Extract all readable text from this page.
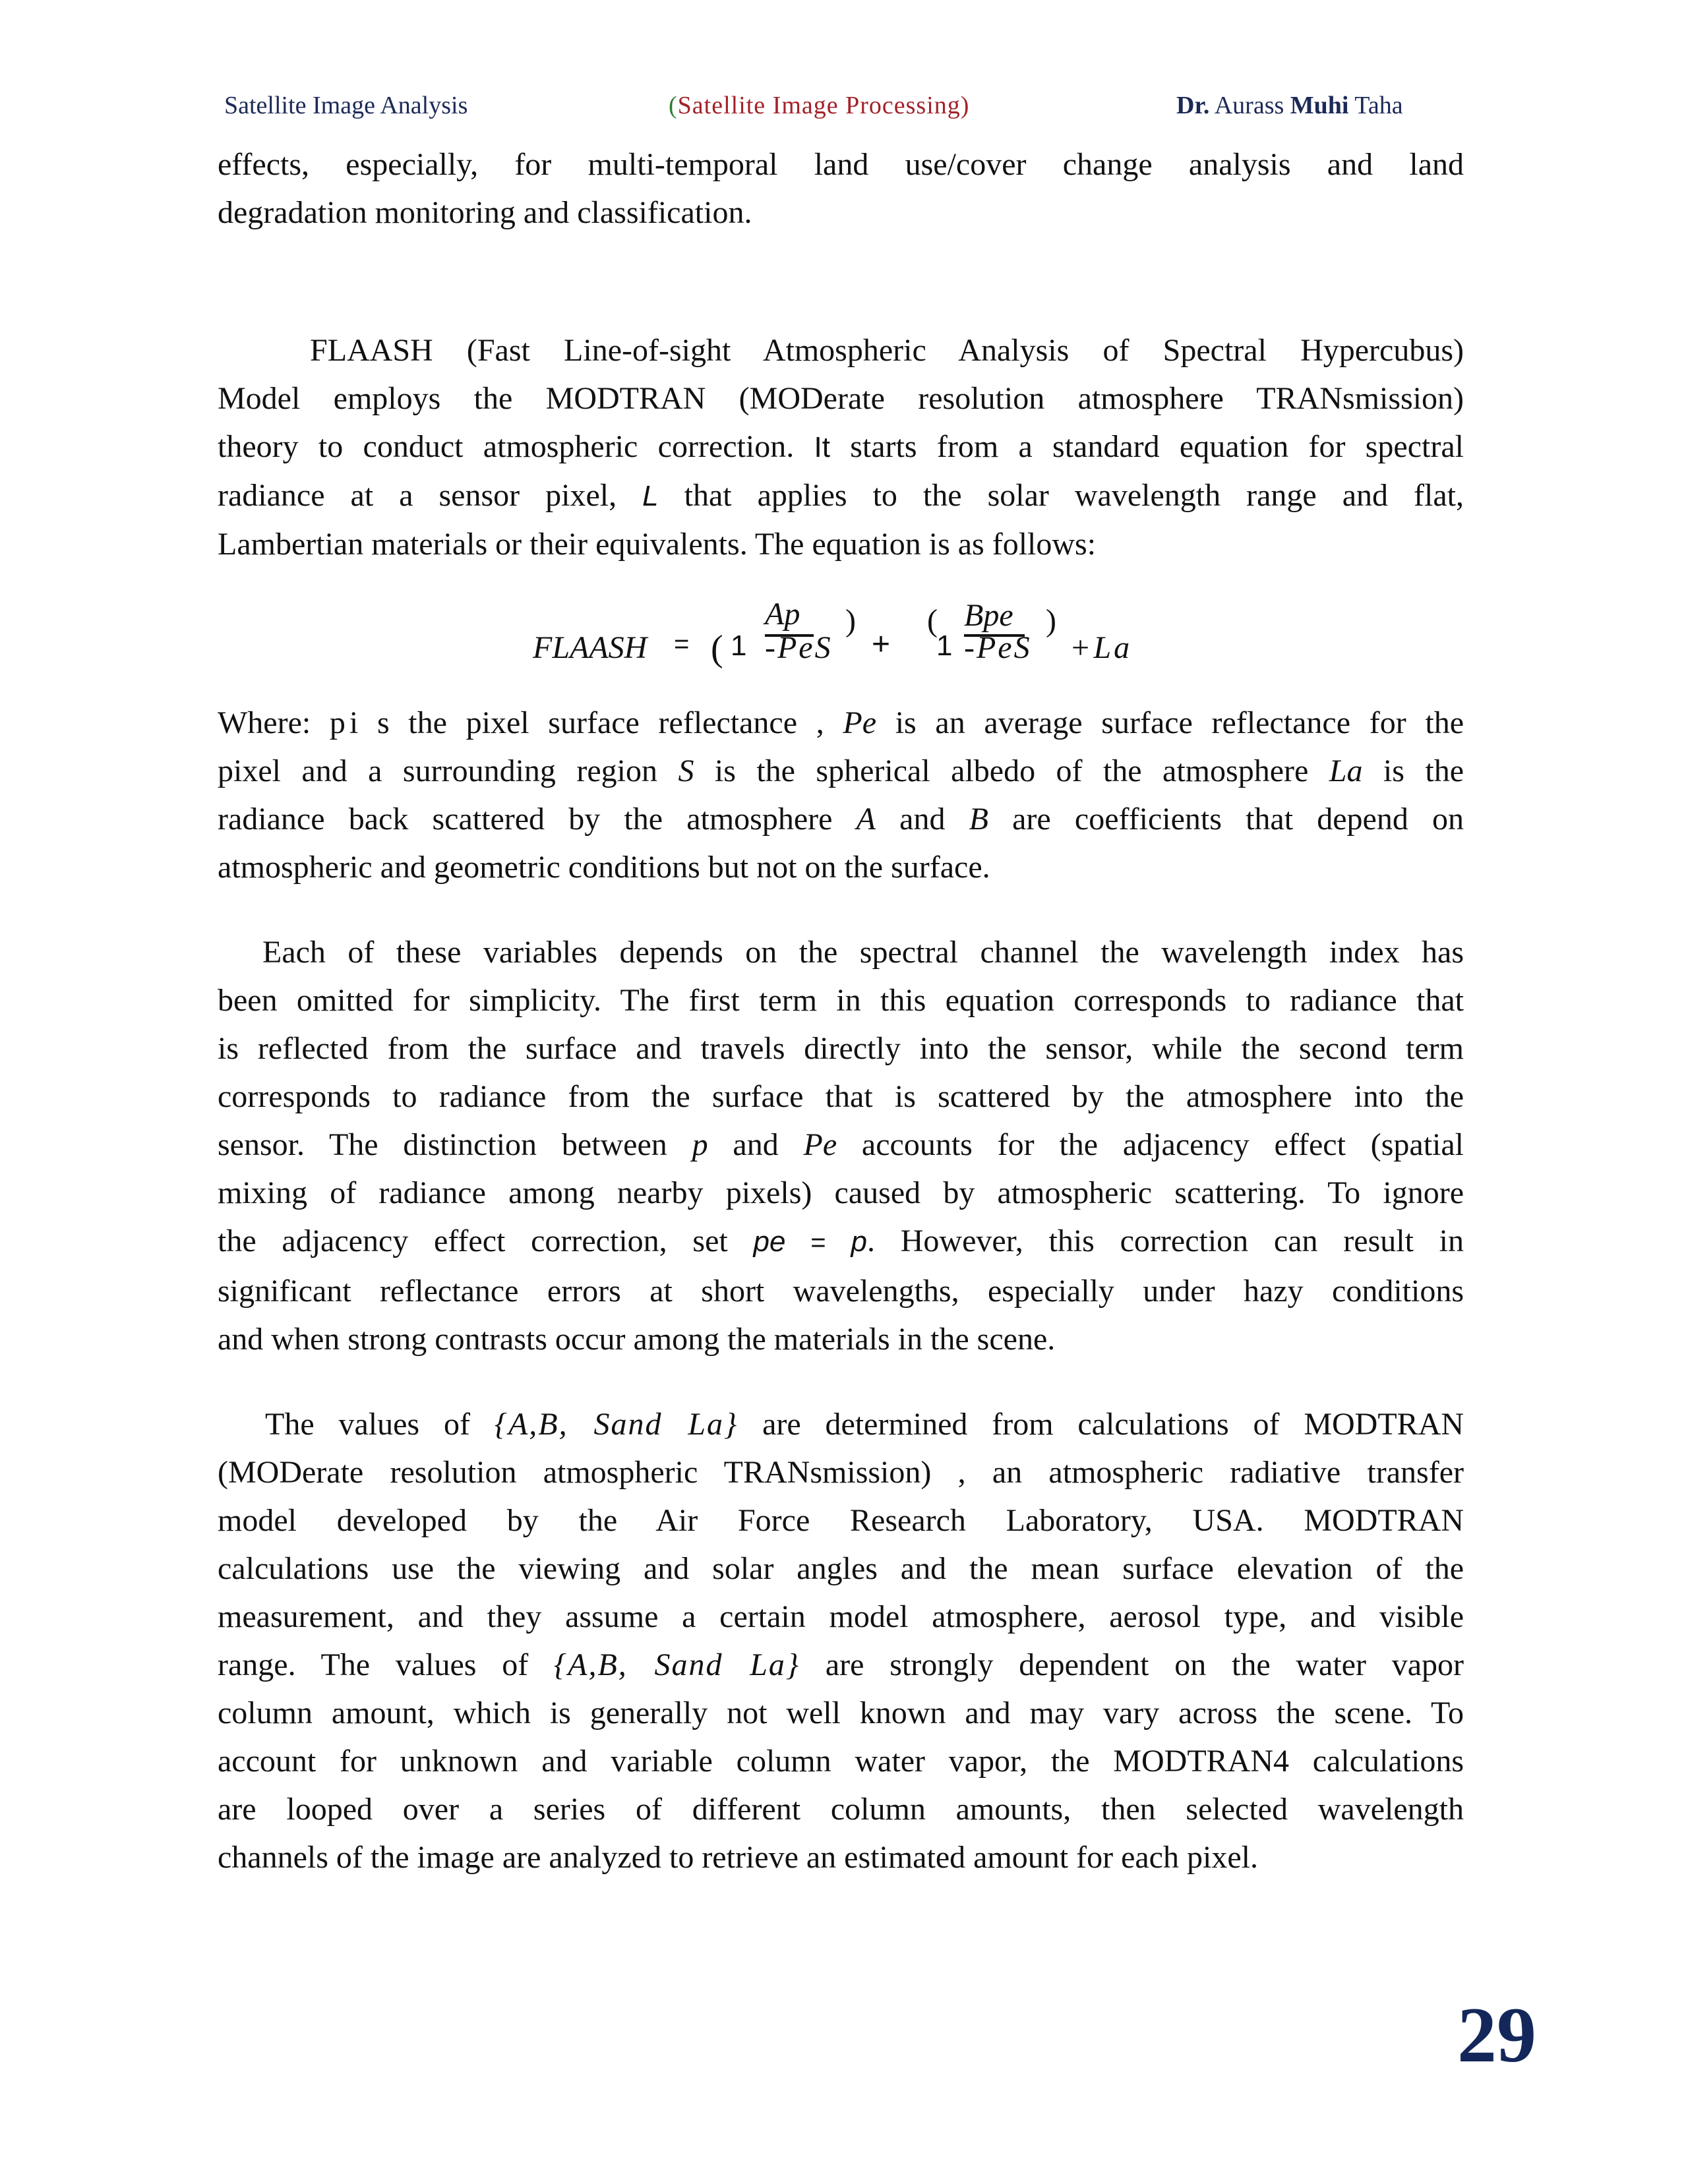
Satellite Image Analysis	(Satellite Image Processing)	Dr. Aurass Muhi Taha

effects, especially, for multi-temporal land use/cover change analysis and land
degradation monitoring and classification.

FLAASH (Fast Line-of-sight Atmospheric Analysis of Spectral Hypercubus)
Model employs the MODTRAN (MODerate resolution atmosphere TRANsmission)
theory to conduct atmospheric correction. It starts from a standard equation for spectral
radiance at a sensor pixel, L that applies to the solar wavelength range and flat,
Lambertian materials or their equivalents. The equation is as follows:

FLAASH = ( 1
Ap
-PeS
)
+
(
1
Bpe
-PeS
)
+La

Where: pi s the pixel surface reflectance , Pe is an average surface reflectance for the
pixel and a surrounding region S is the spherical albedo of the atmosphere La is the
radiance back scattered by the atmosphere A and B are coefficients that depend on
atmospheric and geometric conditions but not on the surface.

Each of these variables depends on the spectral channel the wavelength index has
been omitted for simplicity. The first term in this equation corresponds to radiance that
is reflected from the surface and travels directly into the sensor, while the second term
corresponds to radiance from the surface that is scattered by the atmosphere into the
sensor. The distinction between p and Pe accounts for the adjacency effect (spatial
mixing of radiance among nearby pixels) caused by atmospheric scattering. To ignore
the adjacency effect correction, set pe = p. However, this correction can result in
significant reflectance errors at short wavelengths, especially under hazy conditions
and when strong contrasts occur among the materials in the scene.

The values of {A,B, Sand La} are determined from calculations of MODTRAN
(MODerate resolution atmospheric TRANsmission) , an atmospheric radiative transfer
model developed by the Air Force Research Laboratory, USA. MODTRAN
calculations use the viewing and solar angles and the mean surface elevation of the
measurement, and they assume a certain model atmosphere, aerosol type, and visible
range. The values of {A,B, Sand La} are strongly dependent on the water vapor
column amount, which is generally not well known and may vary across the scene. To
account for unknown and variable column water vapor, the MODTRAN4 calculations
are looped over a series of different column amounts, then selected wavelength
channels of the image are analyzed to retrieve an estimated amount for each pixel.

29
